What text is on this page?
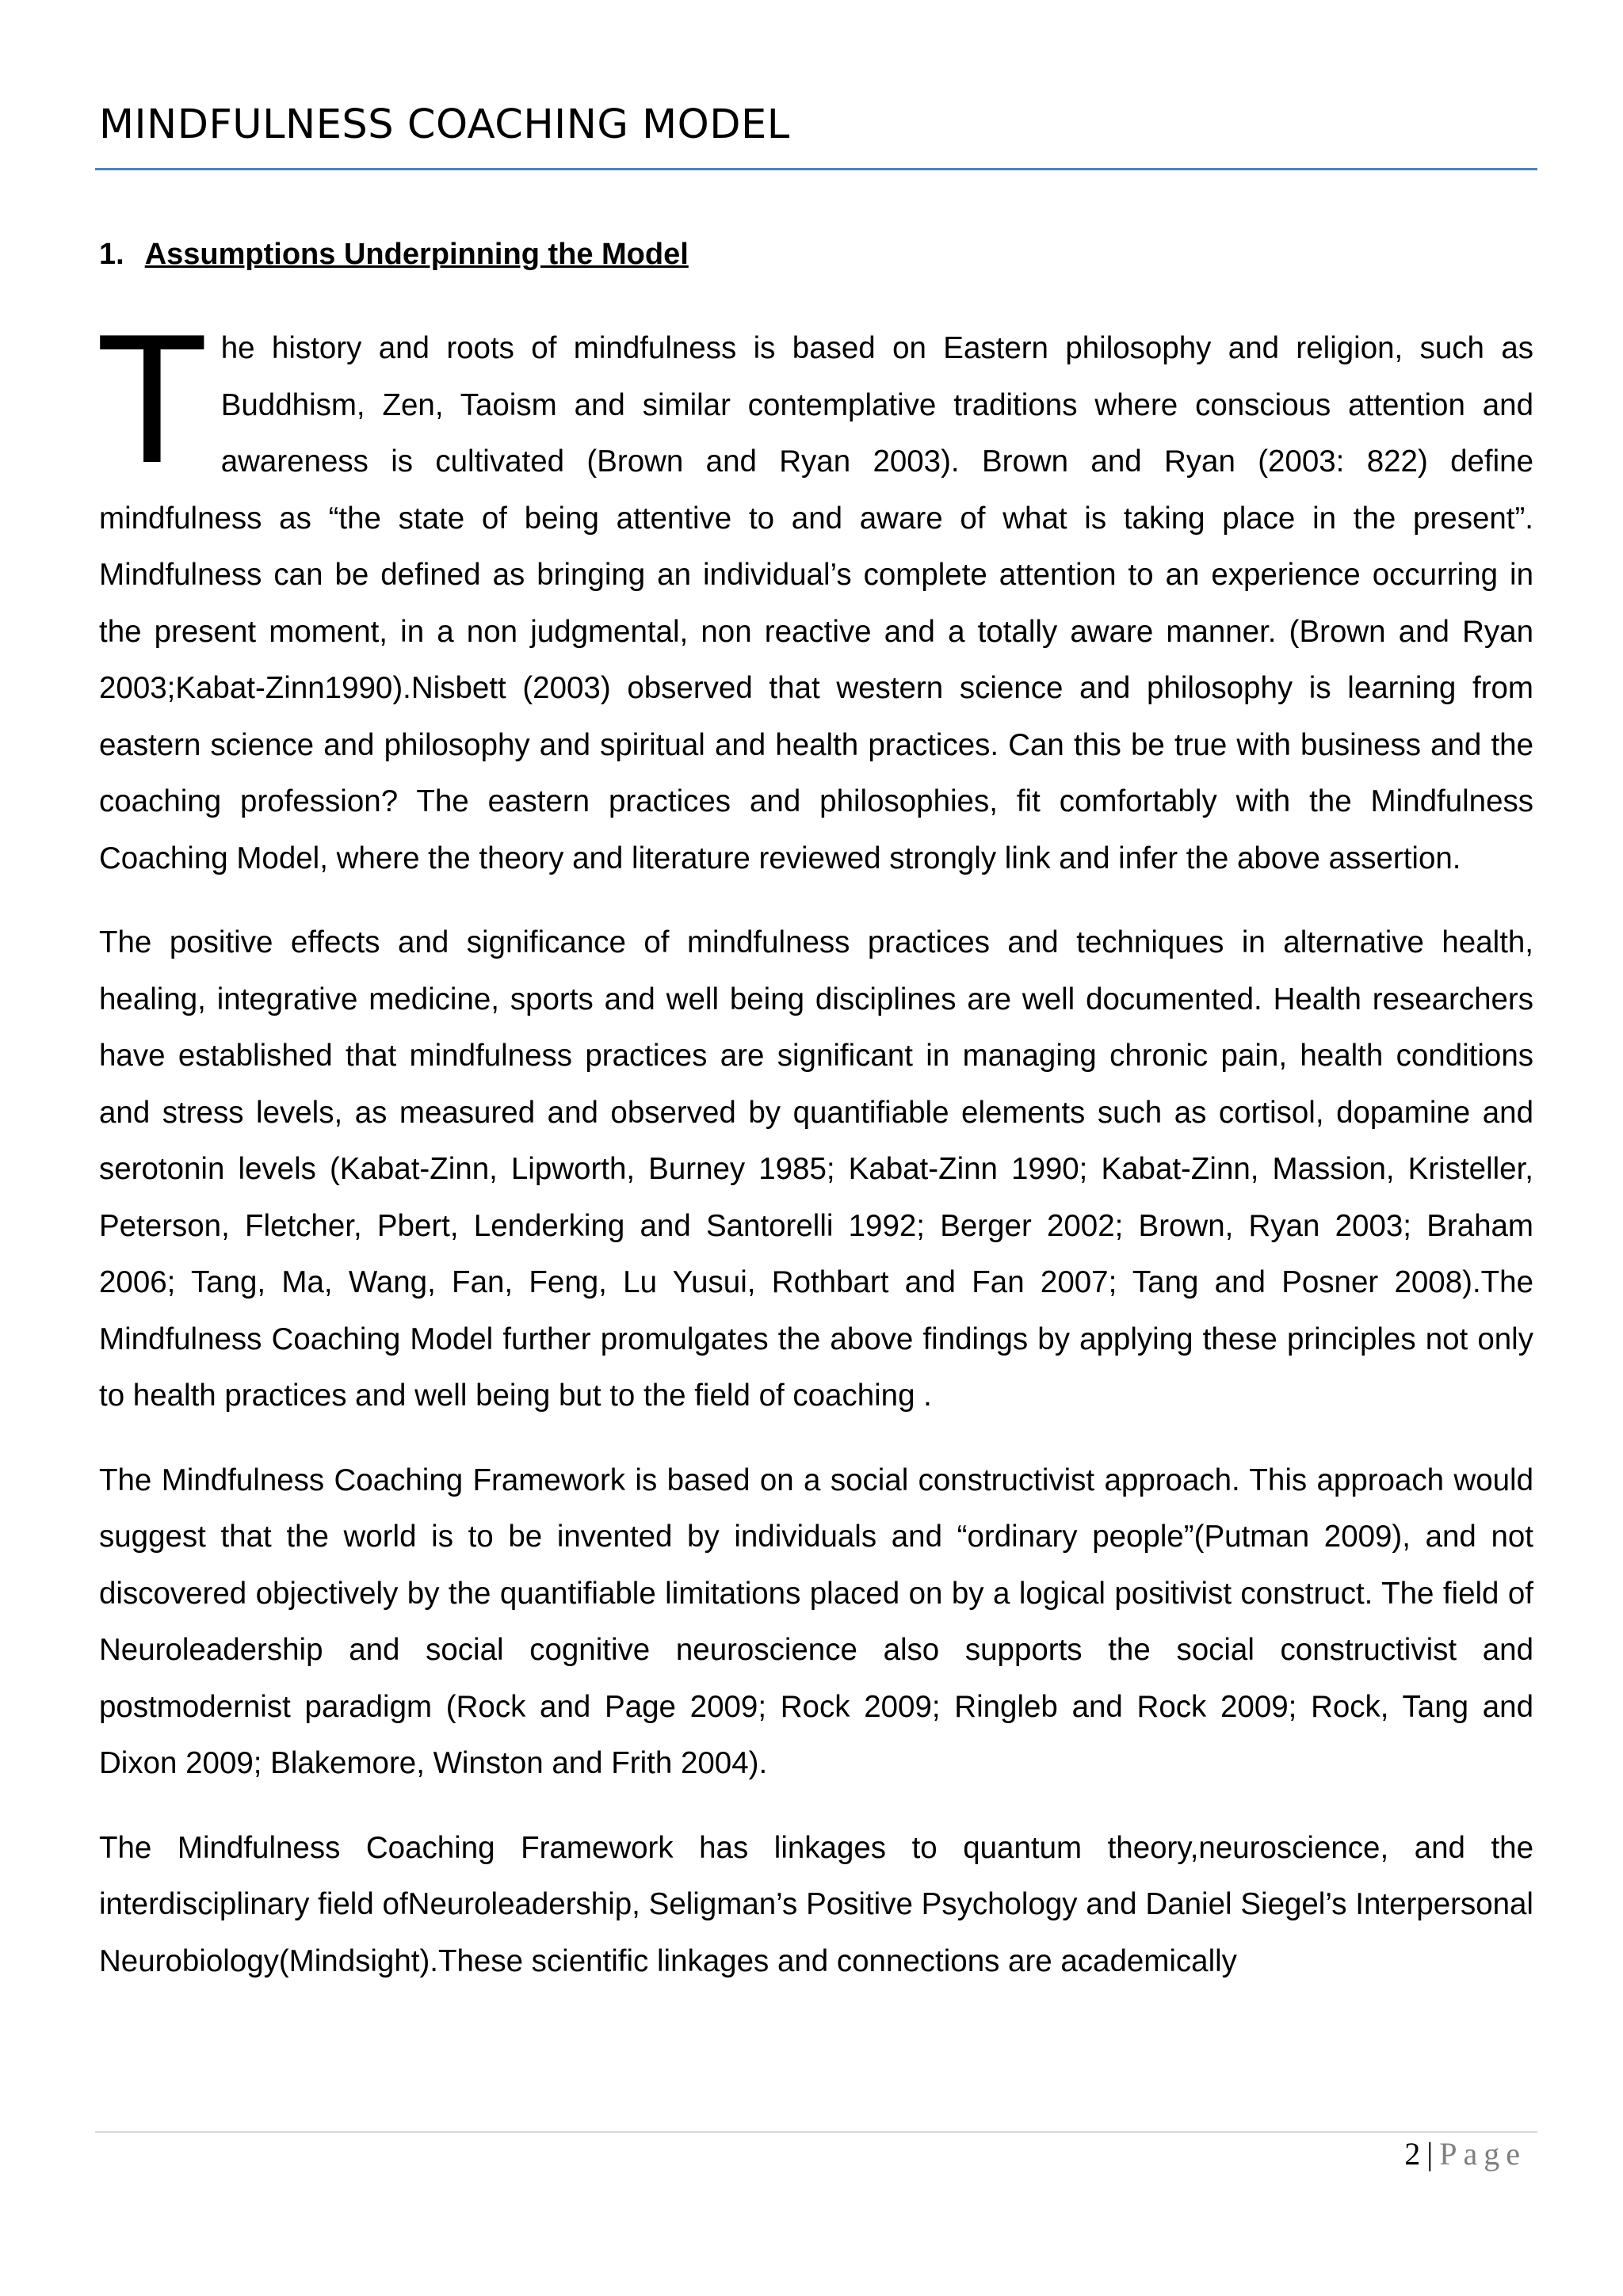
MINDFULNESS COACHING MODEL
1. Assumptions Underpinning the Model

The history and roots of mindfulness is based on Eastern philosophy and religion, such as Buddhism, Zen, Taoism and similar contemplative traditions where conscious attention and awareness is cultivated (Brown and Ryan 2003). Brown and Ryan (2003: 822) define mindfulness as “the state of being attentive to and aware of what is taking place in the present”. Mindfulness can be defined as bringing an individual’s complete attention to an experience occurring in the present moment, in a non judgmental, non reactive and a totally aware manner. (Brown and Ryan 2003;Kabat-Zinn1990).Nisbett (2003) observed that western science and philosophy is learning from eastern science and philosophy and spiritual and health practices. Can this be true with business and the coaching profession? The eastern practices and philosophies, fit comfortably with the Mindfulness Coaching Model, where the theory and literature reviewed strongly link and infer the above assertion.

The positive effects and significance of mindfulness practices and techniques in alternative health, healing, integrative medicine, sports and well being disciplines are well documented. Health researchers have established that mindfulness practices are significant in managing chronic pain, health conditions and stress levels, as measured and observed by quantifiable elements such as cortisol, dopamine and serotonin levels (Kabat-Zinn, Lipworth, Burney 1985; Kabat-Zinn 1990; Kabat-Zinn, Massion, Kristeller, Peterson, Fletcher, Pbert, Lenderking and Santorelli 1992; Berger 2002; Brown, Ryan 2003; Braham 2006; Tang, Ma, Wang, Fan, Feng, Lu Yusui, Rothbart and Fan 2007; Tang and Posner 2008).The Mindfulness Coaching Model further promulgates the above findings by applying these principles not only to health practices and well being but to the field of coaching .

The Mindfulness Coaching Framework is based on a social constructivist approach. This approach would suggest that the world is to be invented by individuals and “ordinary people”(Putman 2009), and not discovered objectively by the quantifiable limitations placed on by a logical positivist construct. The field of Neuroleadership and social cognitive neuroscience also supports the social constructivist and postmodernist paradigm (Rock and Page 2009; Rock 2009; Ringleb and Rock 2009; Rock, Tang and Dixon 2009; Blakemore, Winston and Frith 2004).

The Mindfulness Coaching Framework has linkages to quantum theory,neuroscience, and the interdisciplinary field ofNeuroleadership, Seligman’s Positive Psychology and Daniel Siegel’s Interpersonal Neurobiology(Mindsight).These scientific linkages and connections are academically

2 | Page
